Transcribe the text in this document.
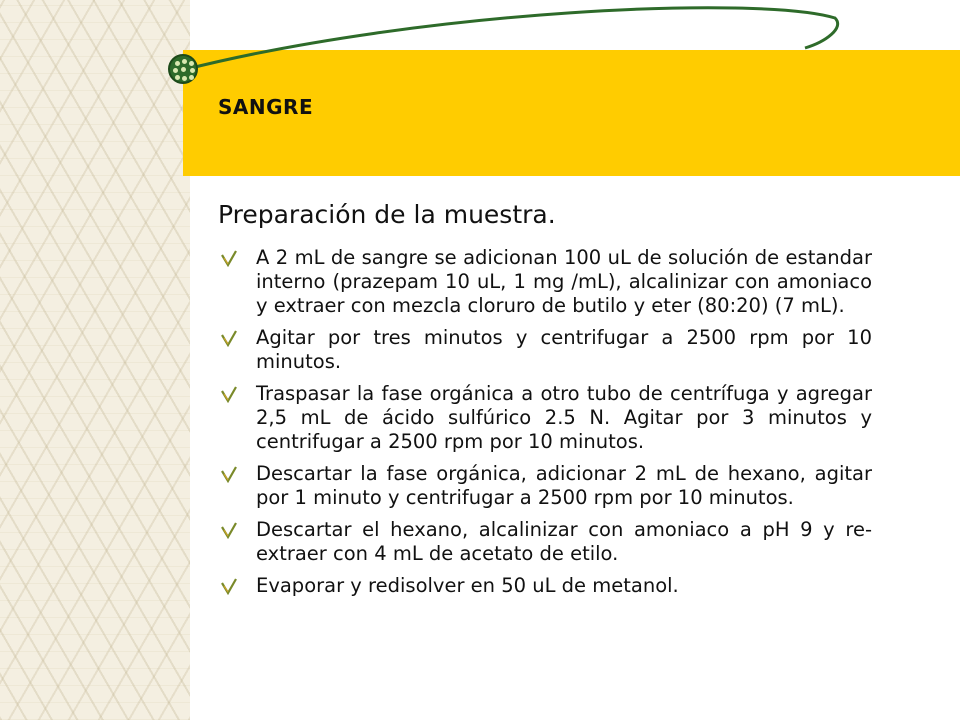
SANGRE
Preparación de la muestra.
A 2 mL de sangre se adicionan 100 uL de solución de estandar interno (prazepam 10 uL, 1 mg /mL), alcalinizar con amoniaco y extraer con mezcla cloruro de butilo y eter (80:20) (7 mL).
Agitar por tres minutos y centrifugar a 2500 rpm por 10 minutos.
Traspasar la fase orgánica a otro tubo de centrífuga y agregar 2,5 mL de ácido sulfúrico 2.5 N. Agitar por 3 minutos y centrifugar a 2500 rpm por 10 minutos.
Descartar la fase orgánica, adicionar 2 mL de hexano, agitar por 1 minuto y centrifugar a 2500 rpm por 10 minutos.
Descartar el hexano, alcalinizar con amoniaco a pH 9 y re-extraer con 4 mL de acetato de etilo.
Evaporar y redisolver en 50 uL de metanol.
